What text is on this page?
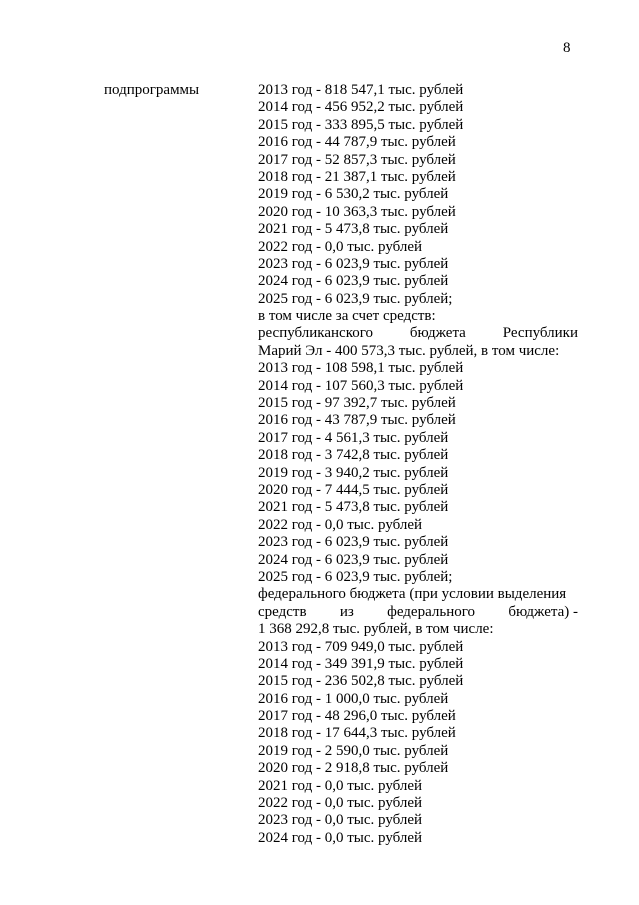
8
подпрограммы	2013 год - 818 547,1 тыс. рублей
2014 год - 456 952,2 тыс. рублей
2015 год - 333 895,5 тыс. рублей
2016 год - 44 787,9 тыс. рублей
2017 год - 52 857,3 тыс. рублей
2018 год - 21 387,1 тыс. рублей
2019 год - 6 530,2 тыс. рублей
2020 год - 10 363,3 тыс. рублей
2021 год - 5 473,8 тыс. рублей
2022 год - 0,0 тыс. рублей
2023 год - 6 023,9 тыс. рублей
2024 год - 6 023,9 тыс. рублей
2025 год - 6 023,9 тыс. рублей;
в том числе за счет средств:
республиканского бюджета Республики
Марий Эл - 400 573,3 тыс. рублей, в том числе:
2013 год - 108 598,1 тыс. рублей
2014 год - 107 560,3 тыс. рублей
2015 год - 97 392,7 тыс. рублей
2016 год - 43 787,9 тыс. рублей
2017 год - 4 561,3 тыс. рублей
2018 год - 3 742,8 тыс. рублей
2019 год - 3 940,2 тыс. рублей
2020 год - 7 444,5 тыс. рублей
2021 год - 5 473,8 тыс. рублей
2022 год - 0,0 тыс. рублей
2023 год - 6 023,9 тыс. рублей
2024 год - 6 023,9 тыс. рублей
2025 год - 6 023,9 тыс. рублей;
федерального бюджета (при условии выделения
средств из федерального бюджета) -
1 368 292,8 тыс. рублей, в том числе:
2013 год - 709 949,0 тыс. рублей
2014 год - 349 391,9 тыс. рублей
2015 год - 236 502,8 тыс. рублей
2016 год - 1 000,0 тыс. рублей
2017 год - 48 296,0 тыс. рублей
2018 год - 17 644,3 тыс. рублей
2019 год - 2 590,0 тыс. рублей
2020 год - 2 918,8 тыс. рублей
2021 год - 0,0 тыс. рублей
2022 год - 0,0 тыс. рублей
2023 год - 0,0 тыс. рублей
2024 год - 0,0 тыс. рублей
